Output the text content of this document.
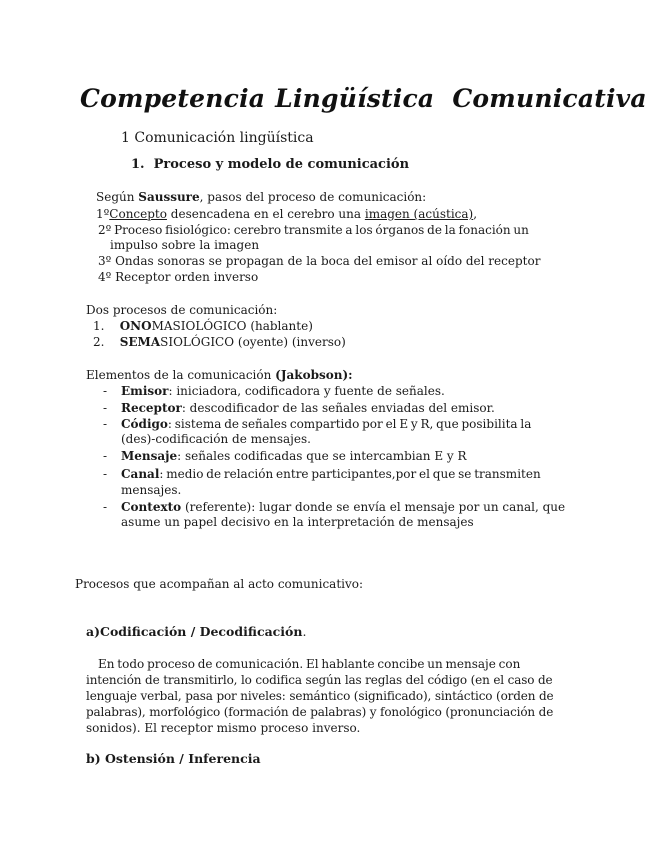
Competencia Lingüística Comunicativa
1 Comunicación lingüística
1. Proceso y modelo de comunicación
Según Saussure, pasos del proceso de comunicación:
1ºConcepto desencadena en el cerebro una imagen (acústica),
2º Proceso fisiológico: cerebro transmite a los órganos de la fonación un
impulso sobre la imagen
3º Ondas sonoras se propagan de la boca del emisor al oído del receptor
4º Receptor orden inverso
Dos procesos de comunicación:
1. ONOMASIOLÓGICO (hablante)
2. SEMASIOLÓGICO (oyente) (inverso)
Elementos de la comunicación (Jakobson):
- Emisor: iniciadora, codificadora y fuente de señales.
- Receptor: descodificador de las señales enviadas del emisor.
- Código: sistema de señales compartido por el E y R, que posibilita la
(des)-codificación de mensajes.
- Mensaje: señales codificadas que se intercambian E y R
- Canal: medio de relación entre participantes,por el que se transmiten
mensajes.
- Contexto (referente): lugar donde se envía el mensaje por un canal, que
asume un papel decisivo en la interpretación de mensajes
Procesos que acompañan al acto comunicativo:
a)Codificación / Decodificación.
En todo proceso de comunicación. El hablante concibe un mensaje con
intención de transmitirlo, lo codifica según las reglas del código (en el caso de
lenguaje verbal, pasa por niveles: semántico (significado), sintáctico (orden de
palabras), morfológico (formación de palabras) y fonológico (pronunciación de
sonidos). El receptor mismo proceso inverso.
b) Ostensión / Inferencia
